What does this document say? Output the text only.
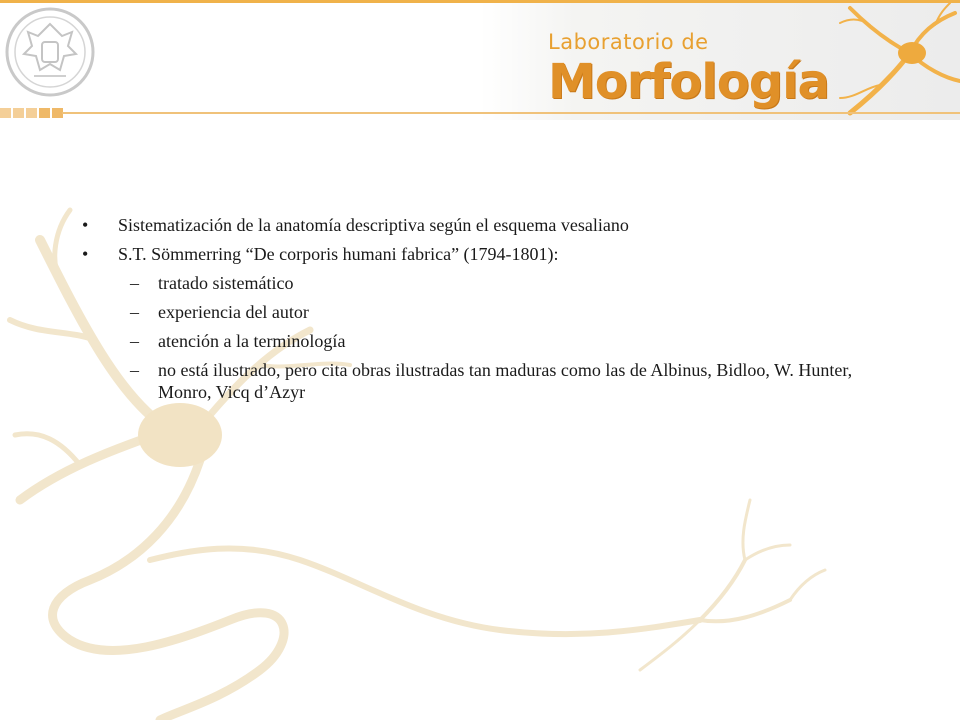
Laboratorio de
Morfología
• Sistematización de la anatomía descriptiva según el esquema vesaliano
• S.T. Sömmerring “De corporis humani fabrica” (1794-1801):
– tratado sistemático
– experiencia del autor
– atención a la terminología
– no está ilustrado, pero cita obras ilustradas tan maduras como las de Albinus, Bidloo, W. Hunter, Monro, Vicq d’Azyr
